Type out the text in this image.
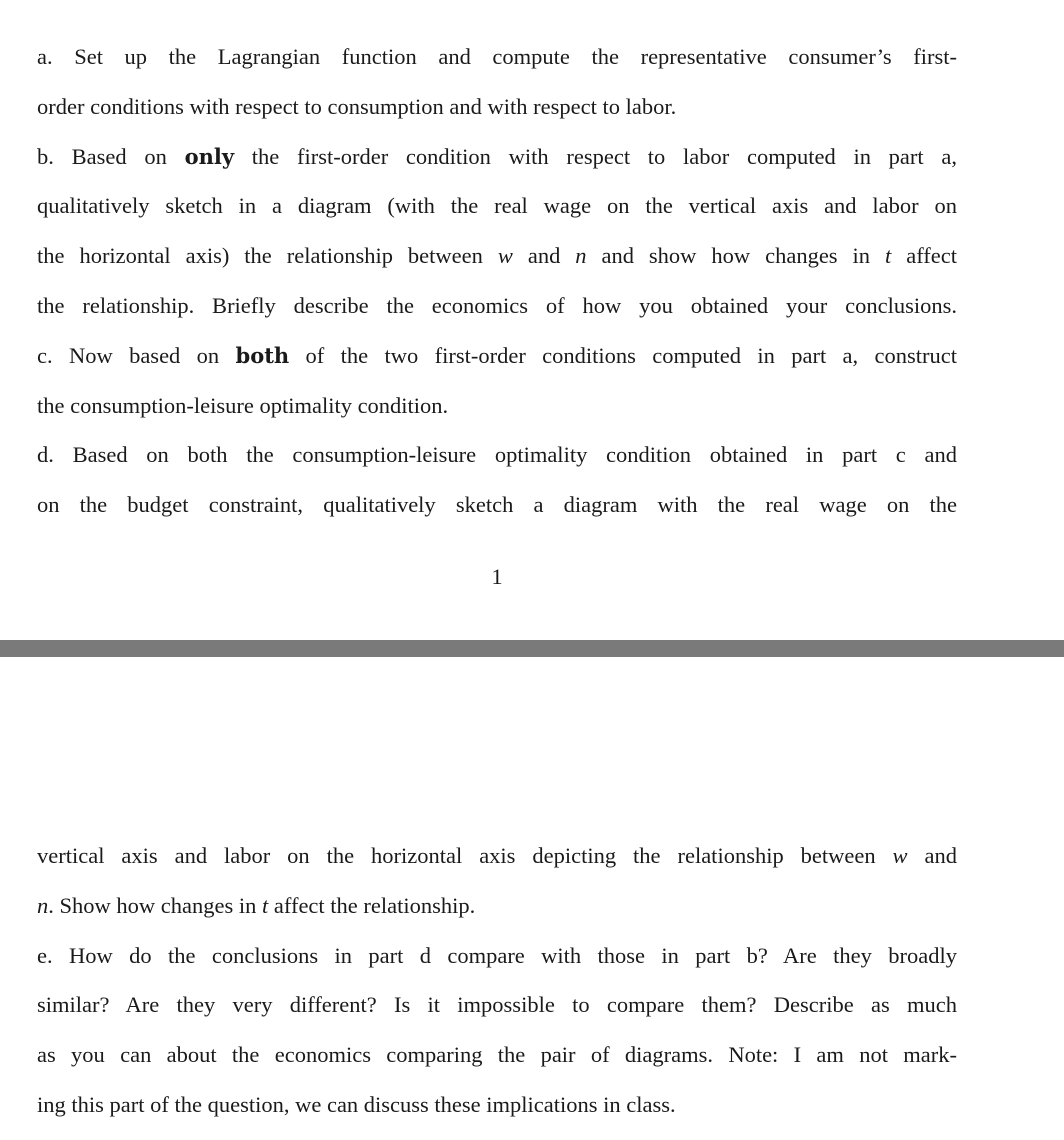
a. Set up the Lagrangian function and compute the representative consumer’s first-
order conditions with respect to consumption and with respect to labor.
b. Based on only the first-order condition with respect to labor computed in part a,
qualitatively sketch in a diagram (with the real wage on the vertical axis and labor on
the horizontal axis) the relationship between w and n and show how changes in t affect
the relationship. Briefly describe the economics of how you obtained your conclusions.
c. Now based on both of the two first-order conditions computed in part a, construct
the consumption-leisure optimality condition.
d. Based on both the consumption-leisure optimality condition obtained in part c and
on the budget constraint, qualitatively sketch a diagram with the real wage on the
1
vertical axis and labor on the horizontal axis depicting the relationship between w and
n. Show how changes in t affect the relationship.
e. How do the conclusions in part d compare with those in part b? Are they broadly
similar? Are they very different? Is it impossible to compare them? Describe as much
as you can about the economics comparing the pair of diagrams. Note: I am not mark-
ing this part of the question, we can discuss these implications in class.
